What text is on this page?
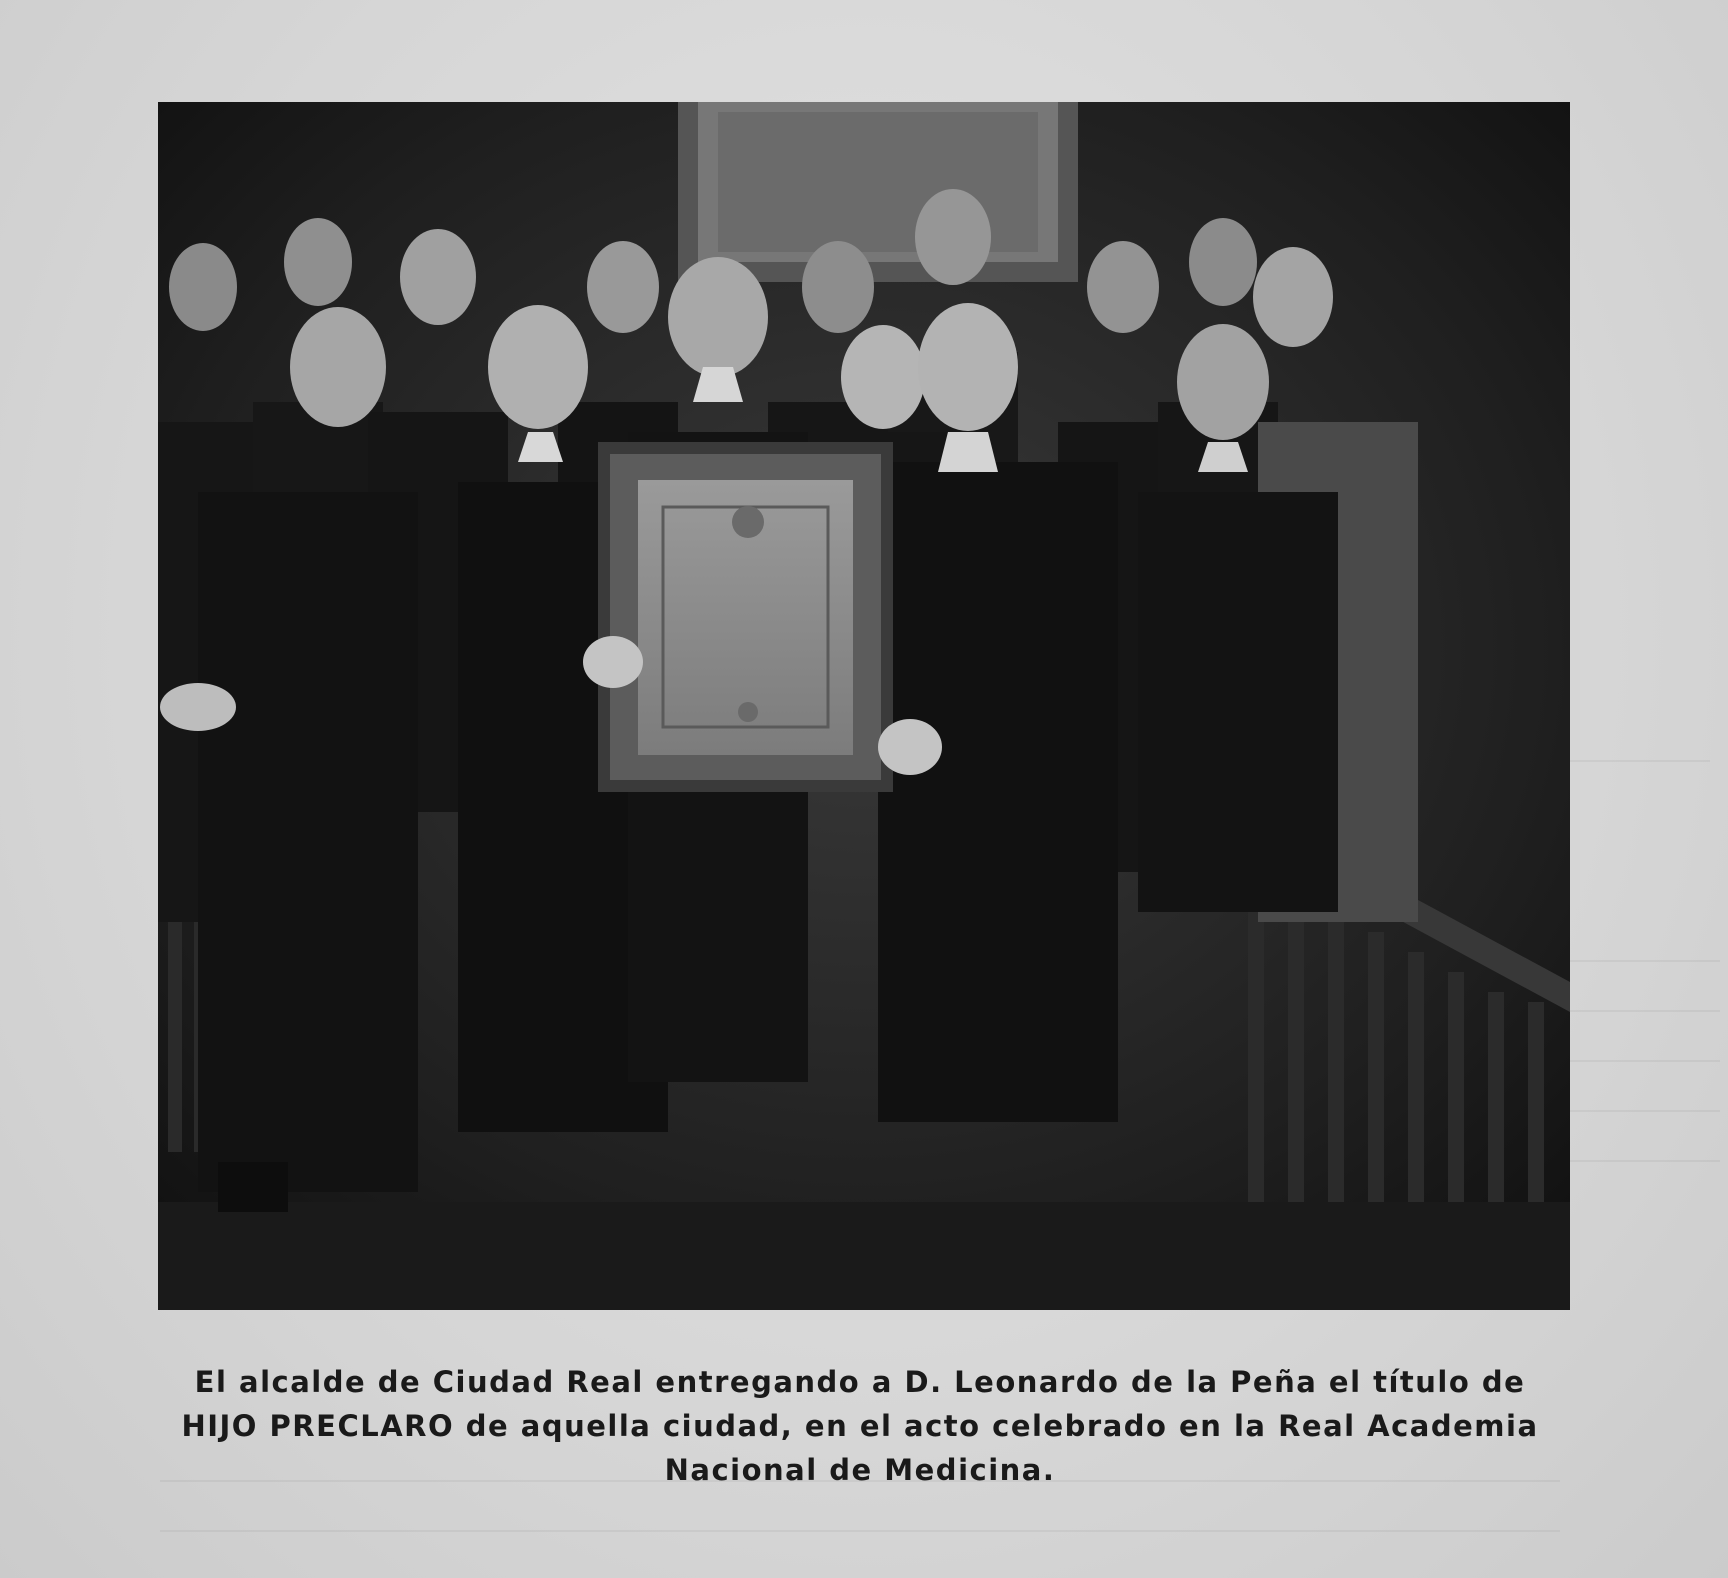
El alcalde de Ciudad Real entregando a D. Leonardo de la Peña el título de
HIJO PRECLARO de aquella ciudad, en el acto celebrado en la Real Academia
Nacional de Medicina.
